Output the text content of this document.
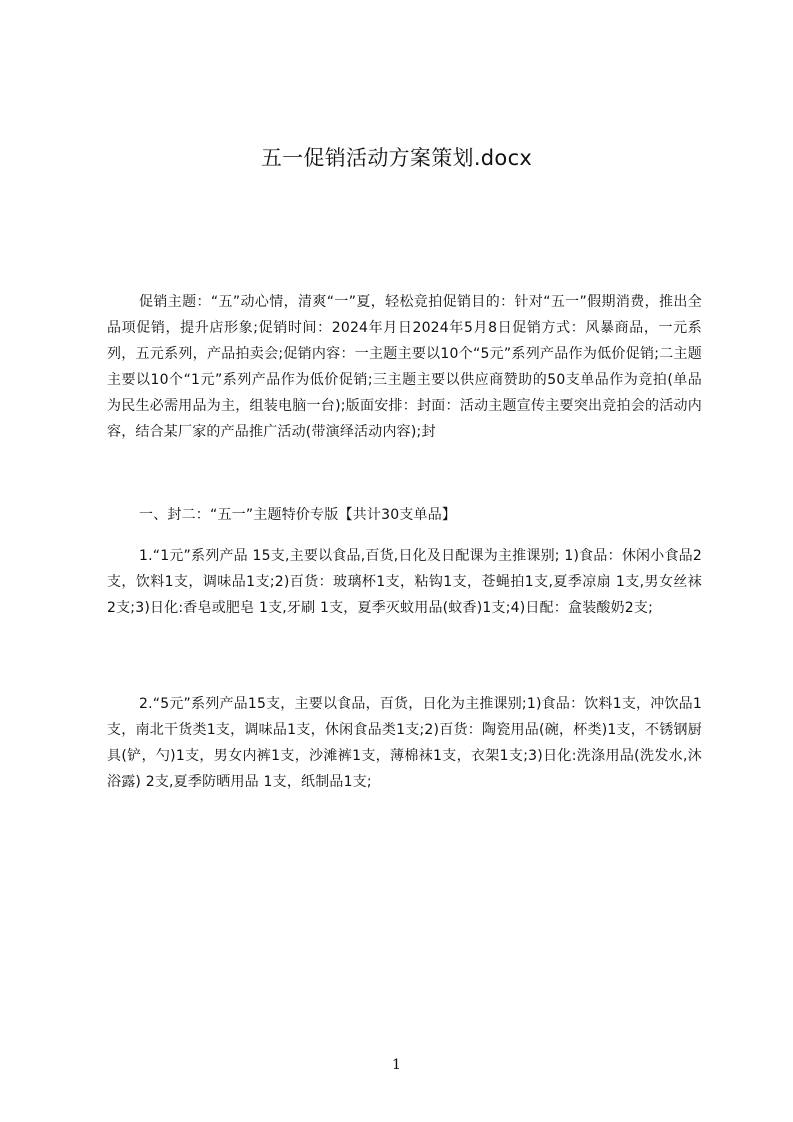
五一促销活动方案策划.docx

促销主题：“五”动心情，清爽“一”夏，轻松竞拍促销目的：针对“五一”假期消费，推出全品项促销，提升店形象;促销时间：2024年月日2024年5月8日促销方式：风暴商品，一元系列，五元系列，产品拍卖会;促销内容：一主题主要以10个“5元”系列产品作为低价促销;二主题主要以10个“1元”系列产品作为低价促销;三主题主要以供应商赞助的50支单品作为竞拍(单品为民生必需用品为主，组装电脑一台);版面安排：封面：活动主题宣传主要突出竞拍会的活动内容，结合某厂家的产品推广活动(带演绎活动内容);封

一、封二：“五一”主题特价专版【共计30支单品】

1.“1元”系列产品 15支,主要以食品,百货,日化及日配课为主推课别; 1)食品：休闲小食品2支，饮料1支，调味品1支;2)百货：玻璃杯1支，粘钩1支，苍蝇拍1支,夏季凉扇 1支,男女丝袜 2支;3)日化:香皂或肥皂 1支,牙刷 1支，夏季灭蚊用品(蚊香)1支;4)日配：盒装酸奶2支;

2.“5元”系列产品15支，主要以食品，百货，日化为主推课别;1)食品：饮料1支，冲饮品1支，南北干货类1支，调味品1支，休闲食品类1支;2)百货：陶瓷用品(碗，杯类)1支，不锈钢厨具(铲，勺)1支，男女内裤1支，沙滩裤1支，薄棉袜1支，衣架1支;3)日化:洗涤用品(洗发水,沐浴露) 2支,夏季防晒用品 1支，纸制品1支;

1
